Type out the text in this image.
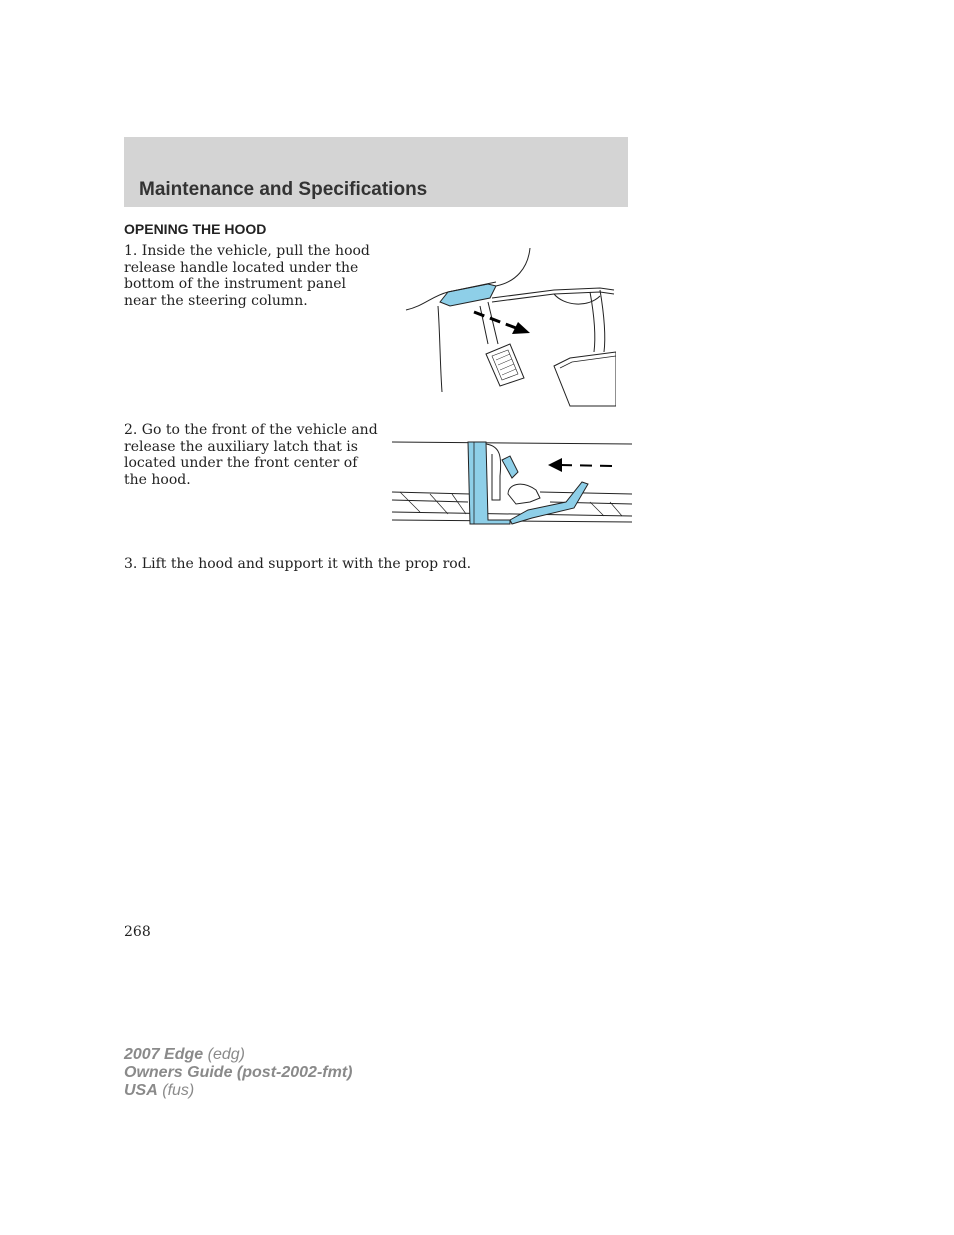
Maintenance and Specifications
OPENING THE HOOD

1. Inside the vehicle, pull the hood release handle located under the bottom of the instrument panel near the steering column.

2. Go to the front of the vehicle and release the auxiliary latch that is located under the front center of the hood.

3. Lift the hood and support it with the prop rod.

268

2007 Edge (edg)
Owners Guide (post-2002-fmt)
USA (fus)
